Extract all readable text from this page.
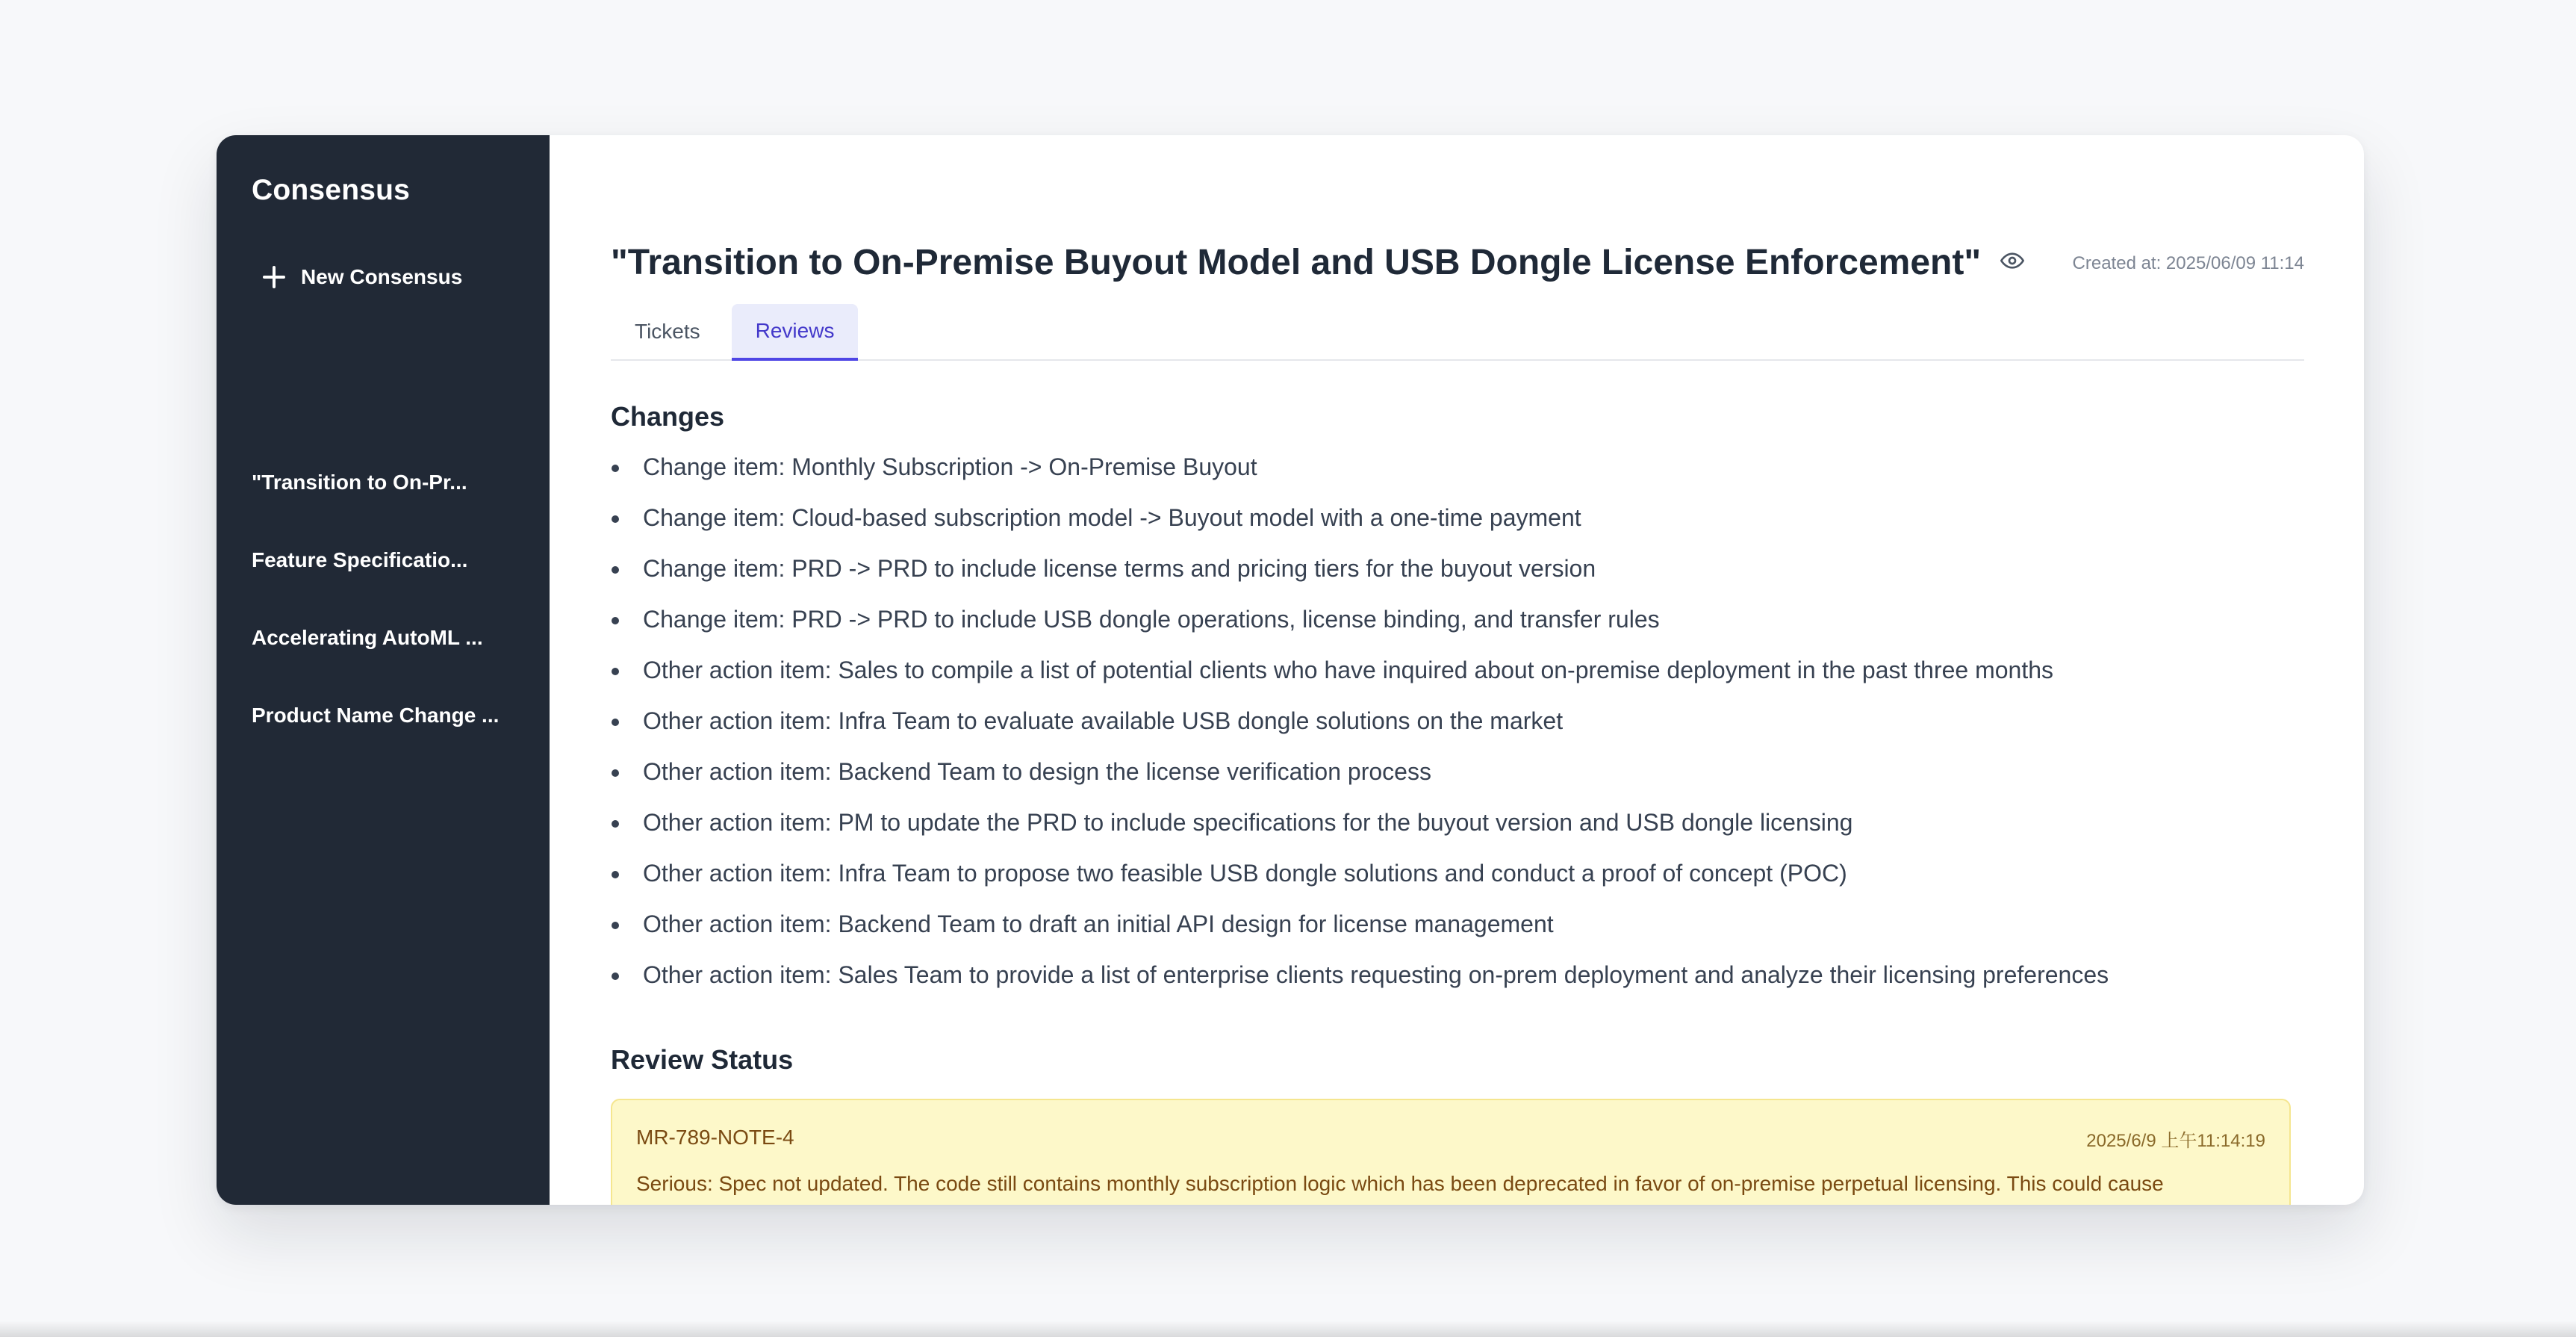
Consensus
New Consensus
"Transition to On-Pr...
Feature Specificatio...
Accelerating AutoML ...
Product Name Change ...
"Transition to On-Premise Buyout Model and USB Dongle License Enforcement"	Created at: 2025/06/09 11:14
Tickets	Reviews
Changes
Change item: Monthly Subscription -> On-Premise Buyout
Change item: Cloud-based subscription model -> Buyout model with a one-time payment
Change item: PRD -> PRD to include license terms and pricing tiers for the buyout version
Change item: PRD -> PRD to include USB dongle operations, license binding, and transfer rules
Other action item: Sales to compile a list of potential clients who have inquired about on-premise deployment in the past three months
Other action item: Infra Team to evaluate available USB dongle solutions on the market
Other action item: Backend Team to design the license verification process
Other action item: PM to update the PRD to include specifications for the buyout version and USB dongle licensing
Other action item: Infra Team to propose two feasible USB dongle solutions and conduct a proof of concept (POC)
Other action item: Backend Team to draft an initial API design for license management
Other action item: Sales Team to provide a list of enterprise clients requesting on-prem deployment and analyze their licensing preferences
Review Status
MR-789-NOTE-4	2025/6/9 上午11:14:19
Serious: Spec not updated. The code still contains monthly subscription logic which has been deprecated in favor of on-premise perpetual licensing. This could cause
